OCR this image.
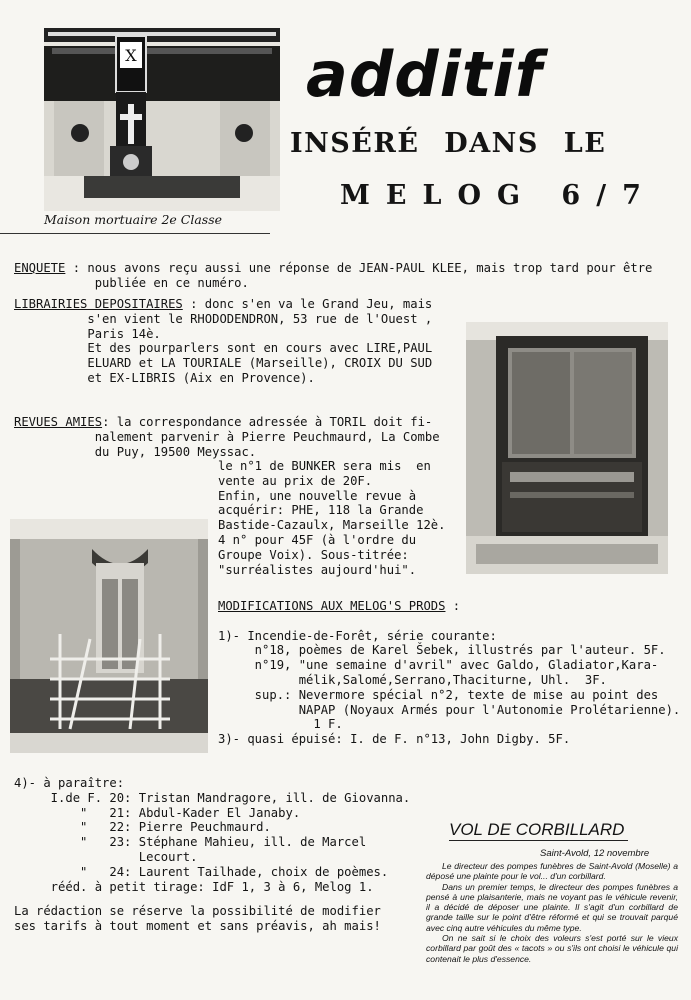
X
Maison mortuaire 2e Classe
additif
INSÉRÉ DANS LE
MELOG 6/7

ENQUETE : nous avons reçu aussi une réponse de JEAN-PAUL KLEE, mais trop tard pour être

publiée en ce numéro.

LIBRAIRIES DEPOSITAIRES : donc s'en va le Grand Jeu, mais

s'en vient le RHODODENDRON, 53 rue de l'Ouest ,

Paris 14è.

Et des pourparlers sont en cours avec LIRE,PAUL

ELUARD et LA TOURIALE (Marseille), CROIX DU SUD

et EX-LIBRIS (Aix en Provence).

REVUES AMIES: la correspondance adressée à TORIL doit fi-

nalement parvenir à Pierre Peuchmaurd, La Combe

du Puy, 19500 Meyssac.

le n°1 de BUNKER sera mis  en

vente au prix de 20F.

Enfin, une nouvelle revue à

acquérir: PHE, 118 la Grande

Bastide-Cazaulx, Marseille 12è.

4 n° pour 45F (à l'ordre du

Groupe Voix). Sous-titrée:

"surréalistes aujourd'hui".

MODIFICATIONS AUX MELOG'S PRODS :

1)- Incendie-de-Forêt, série courante:

n°18, poèmes de Karel Šebek, illustrés par l'auteur. 5F.

n°19, "une semaine d'avril" avec Galdo, Gladiator,Kara-

mélik,Salomé,Serrano,Thaciturne, Uhl.  3F.

sup.: Nevermore spécial n°2, texte de mise au point des

NAPAP (Noyaux Armés pour l'Autonomie Prolétarienne).

1 F.

3)- quasi épuisé: I. de F. n°13, John Digby. 5F.

4)- à paraître:

I.de F. 20: Tristan Mandragore, ill. de Giovanna.

"   21: Abdul-Kader El Janaby.

"   22: Pierre Peuchmaurd.

"   23: Stéphane Mahieu, ill. de Marcel

Lecourt.

"   24: Laurent Tailhade, choix de poèmes.

rééd. à petit tirage: IdF 1, 3 à 6, Melog 1.

La rédaction se réserve la possibilité de modifier

ses tarifs à tout moment et sans préavis, ah mais!

VOL DE CORBILLARD
Saint-Avold, 12 novembre

Le directeur des pompes funèbres de Saint-Avold (Moselle) a déposé une plainte pour le vol... d'un corbillard.

Dans un premier temps, le directeur des pompes funèbres a pensé à une plaisanterie, mais ne voyant pas le véhicule revenir, il a décidé de déposer une plainte. Il s'agit d'un corbillard de grande taille sur le point d'être réformé et qui se trouvait parqué avec cinq autre véhicules du même type.

On ne sait si le choix des voleurs s'est porté sur le vieux corbillard par goût des « tacots » ou s'ils ont choisi le véhicule qui contenait le plus d'essence.
